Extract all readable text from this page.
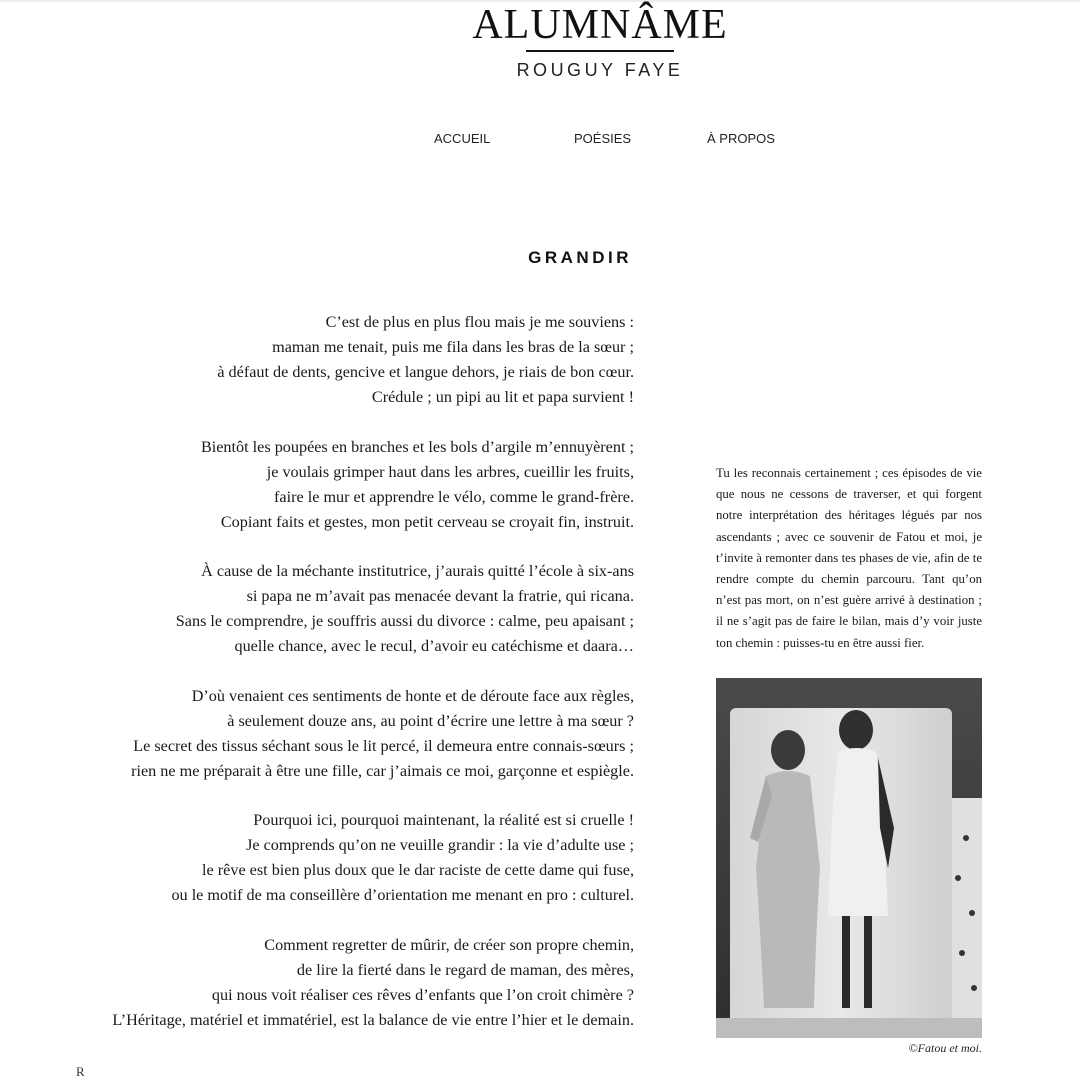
ALUMNÂME
ROUGUY FAYE
ACCUEIL	POÉSIES	À PROPOS
GRANDIR
C’est de plus en plus flou mais je me souviens :
maman me tenait, puis me fila dans les bras de la sœur ;
à défaut de dents, gencive et langue dehors, je riais de bon cœur.
Crédule ; un pipi au lit et papa survient !
Bientôt les poupées en branches et les bols d’argile m’ennuyèrent ;
je voulais grimper haut dans les arbres, cueillir les fruits,
faire le mur et apprendre le vélo, comme le grand-frère.
Copiant faits et gestes, mon petit cerveau se croyait fin, instruit.
À cause de la méchante institutrice, j’aurais quitté l’école à six-ans
si papa ne m’avait pas menacée devant la fratrie, qui ricana.
Sans le comprendre, je souffris aussi du divorce : calme, peu apaisant ;
quelle chance, avec le recul, d’avoir eu catéchisme et daara…
D’où venaient ces sentiments de honte et de déroute face aux règles,
à seulement douze ans, au point d’écrire une lettre à ma sœur ?
Le secret des tissus séchant sous le lit percé, il demeura entre connais-sœurs ;
rien ne me préparait à être une fille, car j’aimais ce moi, garçonne et espiègle.
Pourquoi ici, pourquoi maintenant, la réalité est si cruelle !
Je comprends qu’on ne veuille grandir : la vie d’adulte use ;
le rêve est bien plus doux que le dar raciste de cette dame qui fuse,
ou le motif de ma conseillère d’orientation me menant en pro : culturel.
Comment regretter de mûrir, de créer son propre chemin,
de lire la fierté dans le regard de maman, des mères,
qui nous voit réaliser ces rêves d’enfants que l’on croit chimère ?
L’Héritage, matériel et immatériel, est la balance de vie entre l’hier et le demain.

Tu les reconnais certainement ; ces épisodes de vie que nous ne cessons de traverser, et qui forgent notre interprétation des héritages légués par nos ascendants ; avec ce souvenir de Fatou et moi, je t’invite à remonter dans tes phases de vie, afin de te rendre compte du chemin parcouru. Tant qu’on n’est pas mort, on n’est guère arrivé à destination ; il ne s’agit pas de faire le bilan, mais d’y voir juste ton chemin : puisses-tu en être aussi fier.

©Fatou et moi.
R
